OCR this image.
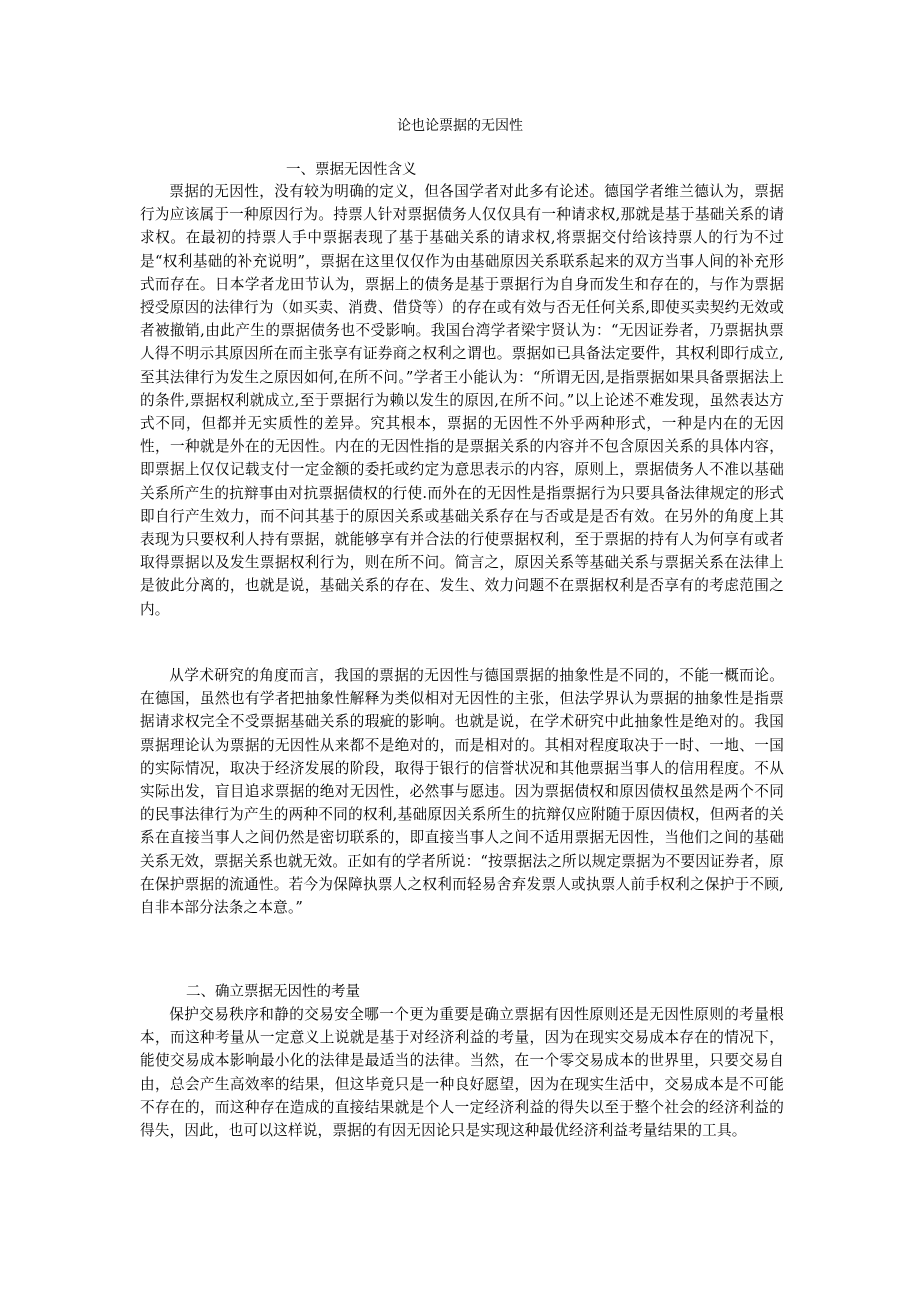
论也论票据的无因性
一、票据无因性含义

票据的无因性，没有较为明确的定义，但各国学者对此多有论述。德国学者维兰德认为，票据行为应该属于一种原因行为。持票人针对票据债务人仅仅具有一种请求权,那就是基于基础关系的请求权。在最初的持票人手中票据表现了基于基础关系的请求权,将票据交付给该持票人的行为不过是“权利基础的补充说明”，票据在这里仅仅作为由基础原因关系联系起来的双方当事人间的补充形式而存在。日本学者龙田节认为，票据上的债务是基于票据行为自身而发生和存在的，与作为票据授受原因的法律行为（如买卖、消费、借贷等）的存在或有效与否无任何关系,即使买卖契约无效或者被撤销,由此产生的票据债务也不受影响。我国台湾学者梁宇贤认为：“无因证券者，乃票据执票人得不明示其原因所在而主张享有证券商之权利之谓也。票据如已具备法定要件，其权利即行成立,至其法律行为发生之原因如何,在所不问。”学者王小能认为：“所谓无因,是指票据如果具备票据法上的条件,票据权利就成立,至于票据行为赖以发生的原因,在所不问。”以上论述不难发现，虽然表达方式不同，但都并无实质性的差异。究其根本，票据的无因性不外乎两种形式，一种是内在的无因性，一种就是外在的无因性。内在的无因性指的是票据关系的内容并不包含原因关系的具体内容，即票据上仅仅记载支付一定金额的委托或约定为意思表示的内容，原则上，票据债务人不准以基础关系所产生的抗辩事由对抗票据债权的行使.而外在的无因性是指票据行为只要具备法律规定的形式即自行产生效力，而不问其基于的原因关系或基础关系存在与否或是是否有效。在另外的角度上其表现为只要权利人持有票据，就能够享有并合法的行使票据权利，至于票据的持有人为何享有或者取得票据以及发生票据权利行为，则在所不问。简言之，原因关系等基础关系与票据关系在法律上是彼此分离的，也就是说，基础关系的存在、发生、效力问题不在票据权利是否享有的考虑范围之内。

从学术研究的角度而言，我国的票据的无因性与德国票据的抽象性是不同的，不能一概而论。在德国，虽然也有学者把抽象性解释为类似相对无因性的主张，但法学界认为票据的抽象性是指票据请求权完全不受票据基础关系的瑕疵的影响。也就是说，在学术研究中此抽象性是绝对的。我国票据理论认为票据的无因性从来都不是绝对的，而是相对的。其相对程度取决于一时、一地、一国的实际情况，取决于经济发展的阶段，取得于银行的信誉状况和其他票据当事人的信用程度。不从实际出发，盲目追求票据的绝对无因性，必然事与愿违。因为票据债权和原因债权虽然是两个不同的民事法律行为产生的两种不同的权利,基础原因关系所生的抗辩仅应附随于原因债权，但两者的关系在直接当事人之间仍然是密切联系的，即直接当事人之间不适用票据无因性，当他们之间的基础关系无效，票据关系也就无效。正如有的学者所说：“按票据法之所以规定票据为不要因证券者，原在保护票据的流通性。若今为保障执票人之权利而轻易舍弃发票人或执票人前手权利之保护于不顾,自非本部分法条之本意。”

二、确立票据无因性的考量

保护交易秩序和静的交易安全哪一个更为重要是确立票据有因性原则还是无因性原则的考量根本，而这种考量从一定意义上说就是基于对经济利益的考量，因为在现实交易成本存在的情况下，能使交易成本影响最小化的法律是最适当的法律。当然，在一个零交易成本的世界里，只要交易自由，总会产生高效率的结果，但这毕竟只是一种良好愿望，因为在现实生活中，交易成本是不可能不存在的，而这种存在造成的直接结果就是个人一定经济利益的得失以至于整个社会的经济利益的得失，因此，也可以这样说，票据的有因无因论只是实现这种最优经济利益考量结果的工具。
